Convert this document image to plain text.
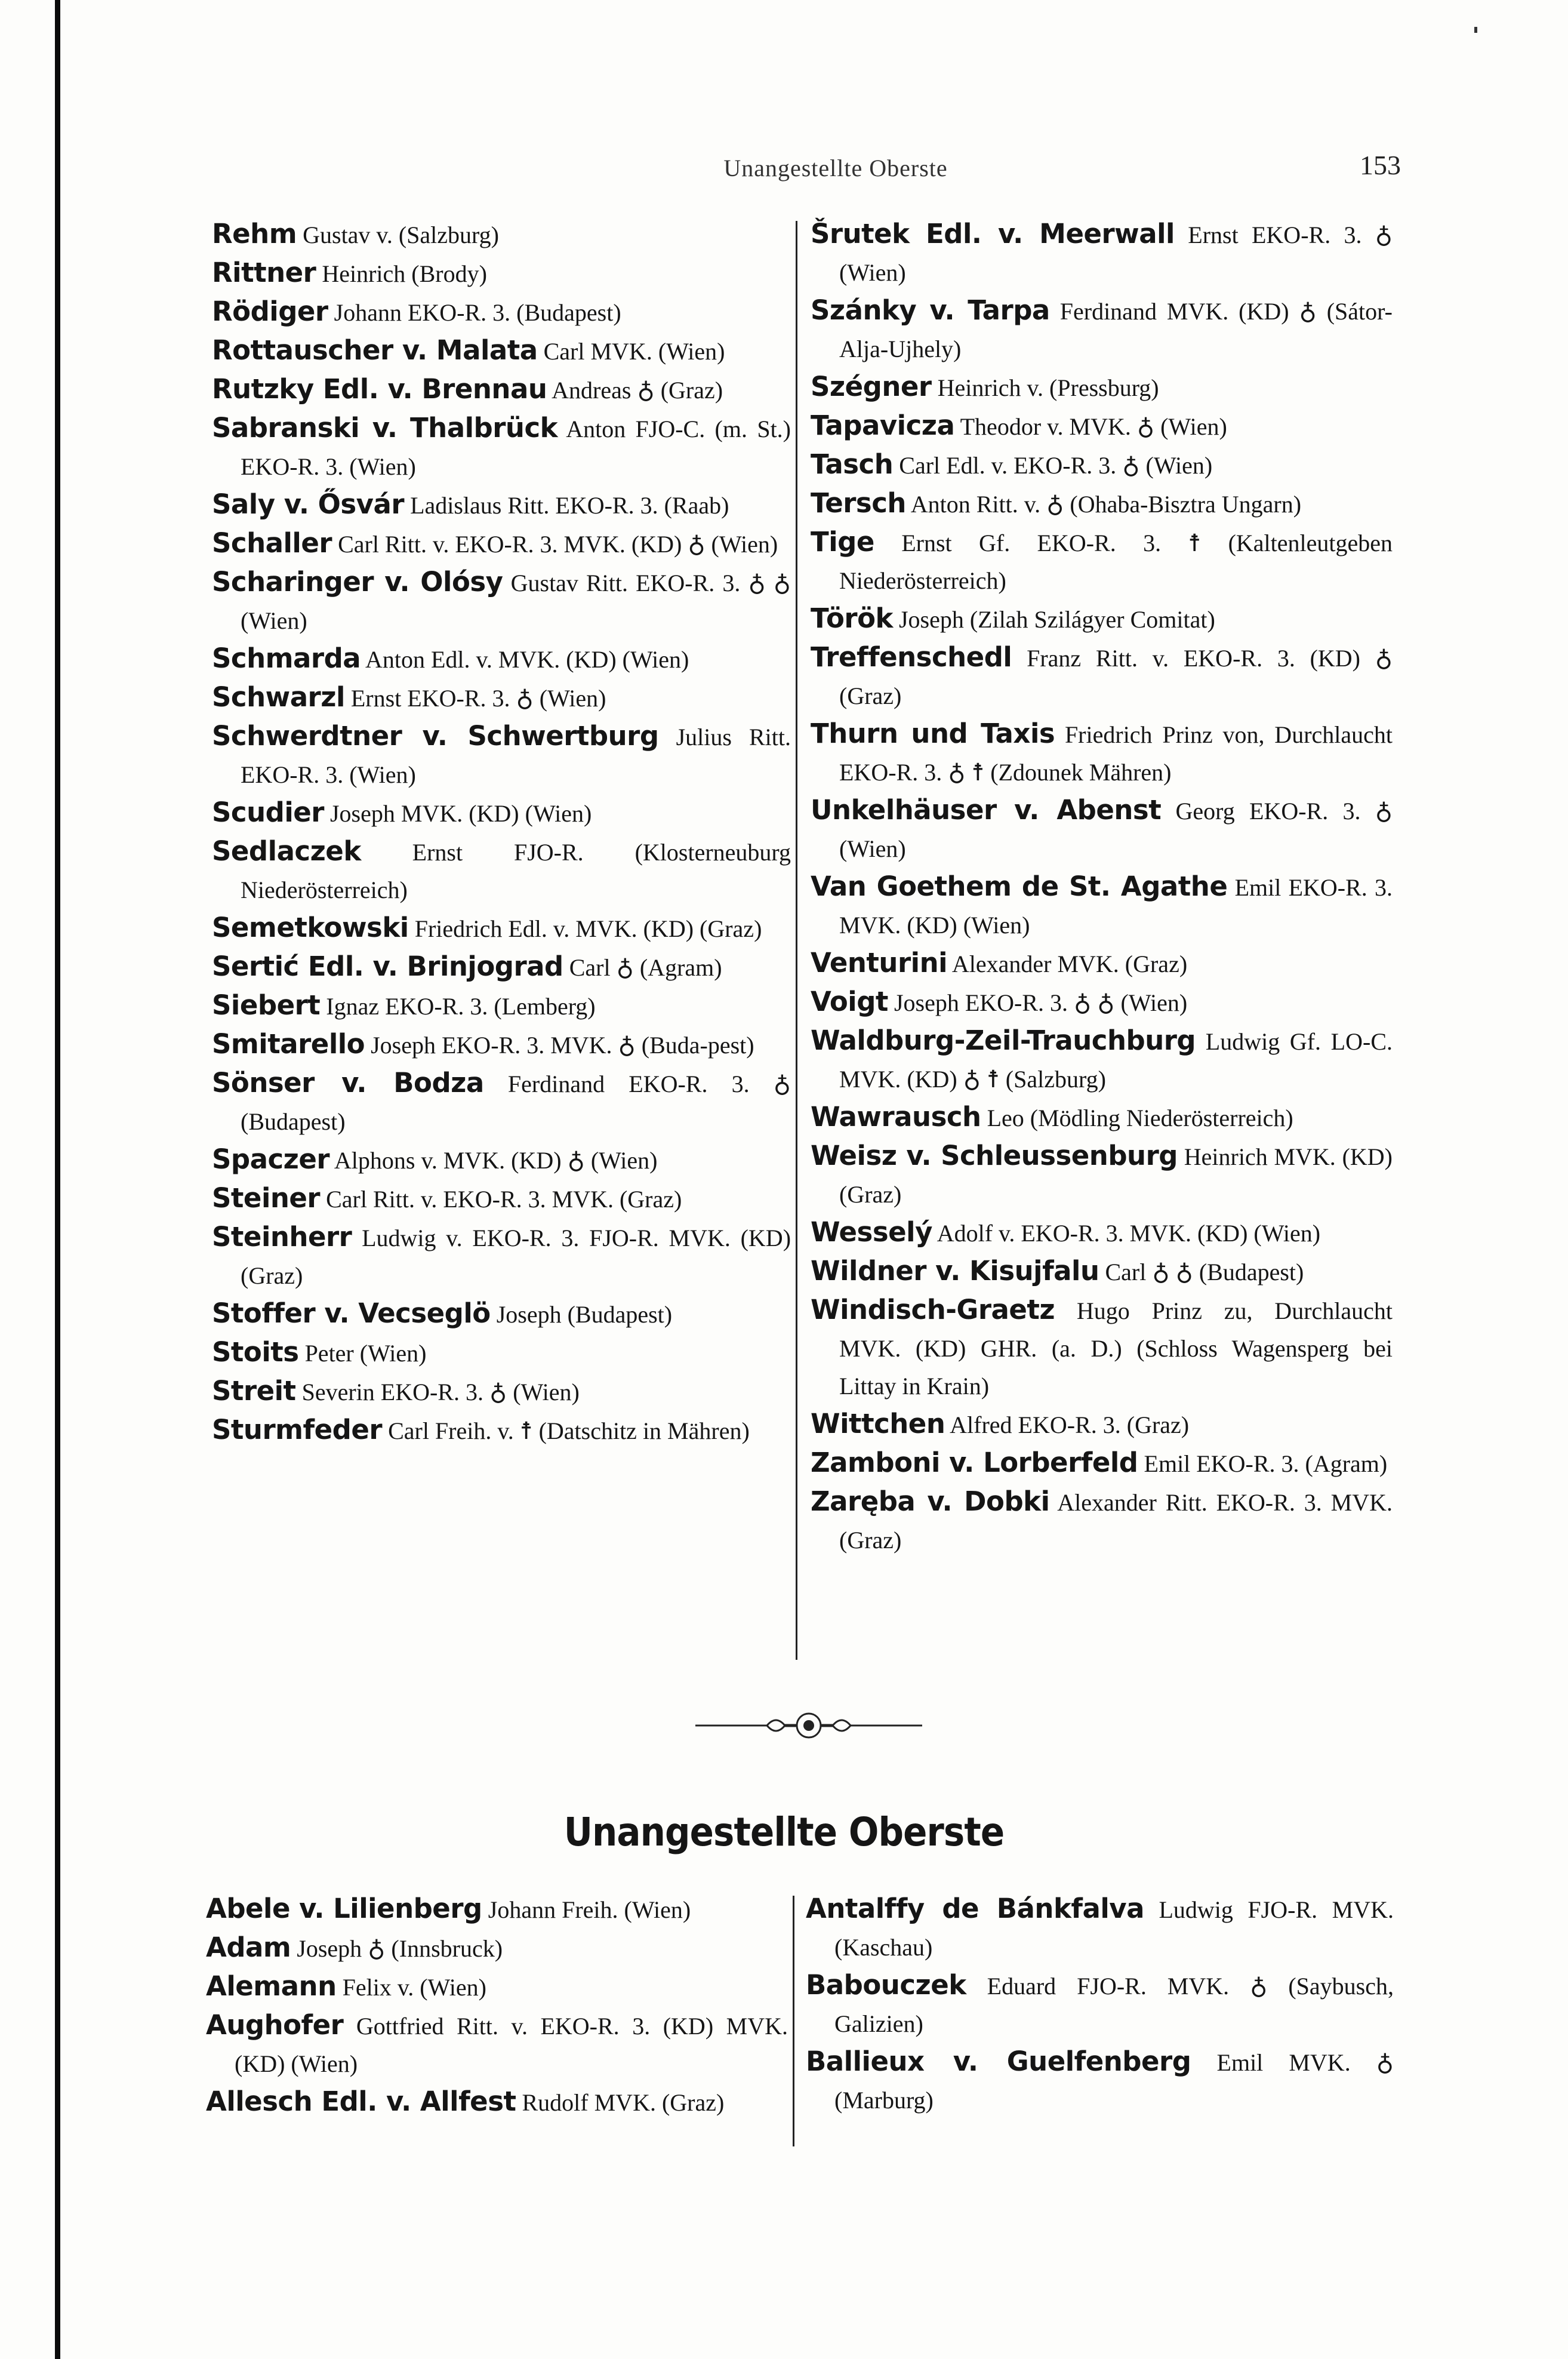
Unangestellte Oberste	153

Rehm Gustav v. (Salzburg)

Rittner Heinrich (Brody)

Rödiger Johann EKO-R. 3. (Budapest)

Rottauscher v. Malata Carl MVK. (Wien)

Rutzky Edl. v. Brennau Andreas ♁ (Graz)

Sabranski v. Thalbrück Anton FJO-C. (m. St.) EKO-R. 3. (Wien)

Saly v. Ősvár Ladislaus Ritt. EKO-R. 3. (Raab)

Schaller Carl Ritt. v. EKO-R. 3. MVK. (KD) ♁ (Wien)

Scharinger v. Olósy Gustav Ritt. EKO-R. 3. ♁ ♁ (Wien)

Schmarda Anton Edl. v. MVK. (KD) (Wien)

Schwarzl Ernst EKO-R. 3. ♁ (Wien)

Schwerdtner v. Schwertburg Julius Ritt. EKO-R. 3. (Wien)

Scudier Joseph MVK. (KD) (Wien)

Sedlaczek Ernst FJO-R. (Klosterneuburg Niederösterreich)

Semetkowski Friedrich Edl. v. MVK. (KD) (Graz)

Sertić Edl. v. Brinjograd Carl ♁ (Agram)

Siebert Ignaz EKO-R. 3. (Lemberg)

Smitarello Joseph EKO-R. 3. MVK. ♁ (Buda-pest)

Sönser v. Bodza Ferdinand EKO-R. 3. ♁ (Budapest)

Spaczer Alphons v. MVK. (KD) ♁ (Wien)

Steiner Carl Ritt. v. EKO-R. 3. MVK. (Graz)

Steinherr Ludwig v. EKO-R. 3. FJO-R. MVK. (KD) (Graz)

Stoffer v. Vecseglö Joseph (Budapest)

Stoits Peter (Wien)

Streit Severin EKO-R. 3. ♁ (Wien)

Sturmfeder Carl Freih. v. ☨ (Datschitz in Mähren)

Šrutek Edl. v. Meerwall Ernst EKO-R. 3. ♁ (Wien)

Szánky v. Tarpa Ferdinand MVK. (KD) ♁ (Sátor-Alja-Ujhely)

Szégner Heinrich v. (Pressburg)

Tapavicza Theodor v. MVK. ♁ (Wien)

Tasch Carl Edl. v. EKO-R. 3. ♁ (Wien)

Tersch Anton Ritt. v. ♁ (Ohaba-Bisztra Ungarn)

Tige Ernst Gf. EKO-R. 3. ☨ (Kaltenleutgeben Niederösterreich)

Török Joseph (Zilah Szilágyer Comitat)

Treffenschedl Franz Ritt. v. EKO-R. 3. (KD) ♁ (Graz)

Thurn und Taxis Friedrich Prinz von, Durchlaucht EKO-R. 3. ♁ ☨ (Zdounek Mähren)

Unkelhäuser v. Abenst Georg EKO-R. 3. ♁ (Wien)

Van Goethem de St. Agathe Emil EKO-R. 3. MVK. (KD) (Wien)

Venturini Alexander MVK. (Graz)

Voigt Joseph EKO-R. 3. ♁ ♁ (Wien)

Waldburg-Zeil-Trauchburg Ludwig Gf. LO-C. MVK. (KD) ♁ ☨ (Salzburg)

Wawrausch Leo (Mödling Niederösterreich)

Weisz v. Schleussenburg Heinrich MVK. (KD) (Graz)

Wesselý Adolf v. EKO-R. 3. MVK. (KD) (Wien)

Wildner v. Kisujfalu Carl ♁ ♁ (Budapest)

Windisch-Graetz Hugo Prinz zu, Durchlaucht MVK. (KD) GHR. (a. D.) (Schloss Wagensperg bei Littay in Krain)

Wittchen Alfred EKO-R. 3. (Graz)

Zamboni v. Lorberfeld Emil EKO-R. 3. (Agram)

Zaręba v. Dobki Alexander Ritt. EKO-R. 3. MVK. (Graz)

Unangestellte Oberste

Abele v. Lilienberg Johann Freih. (Wien)

Adam Joseph ♁ (Innsbruck)

Alemann Felix v. (Wien)

Aughofer Gottfried Ritt. v. EKO-R. 3. (KD) MVK. (KD) (Wien)

Allesch Edl. v. Allfest Rudolf MVK. (Graz)

Antalffy de Bánkfalva Ludwig FJO-R. MVK. (Kaschau)

Babouczek Eduard FJO-R. MVK. ♁ (Saybusch, Galizien)

Ballieux v. Guelfenberg Emil MVK. ♁ (Marburg)
